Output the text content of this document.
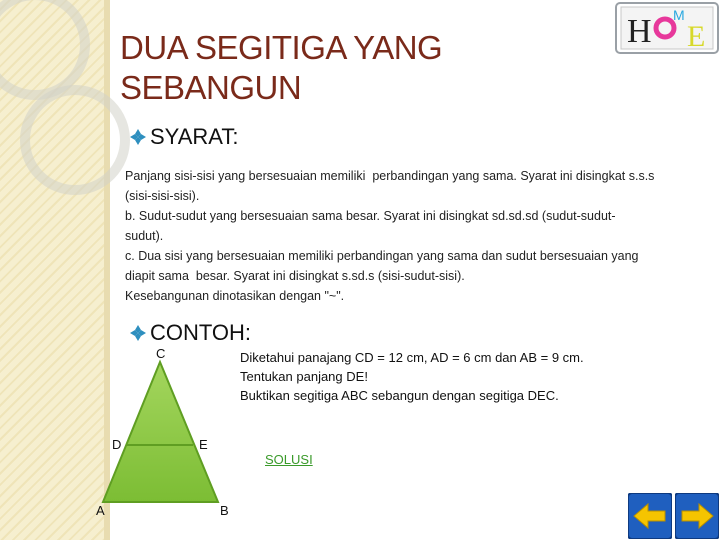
H M
E
DUA SEGITIGA YANG
SEBANGUN
SYARAT:
Panjang sisi-sisi yang bersesuaian memiliki  perbandingan yang sama. Syarat ini disingkat s.s.s
(sisi-sisi-sisi).
b. Sudut-sudut yang bersesuaian sama besar. Syarat ini disingkat sd.sd.sd (sudut-sudut-
sudut).
c. Dua sisi yang bersesuaian memiliki perbandingan yang sama dan sudut bersesuaian yang
diapit sama  besar. Syarat ini disingkat s.sd.s (sisi-sudut-sisi).
Kesebangunan dinotasikan dengan "~".
CONTOH:
C
D	E
A	B
Diketahui panajang CD = 12 cm, AD = 6 cm dan AB = 9 cm.
Tentukan panjang DE!
Buktikan segitiga ABC sebangun dengan segitiga DEC.
SOLUSI
